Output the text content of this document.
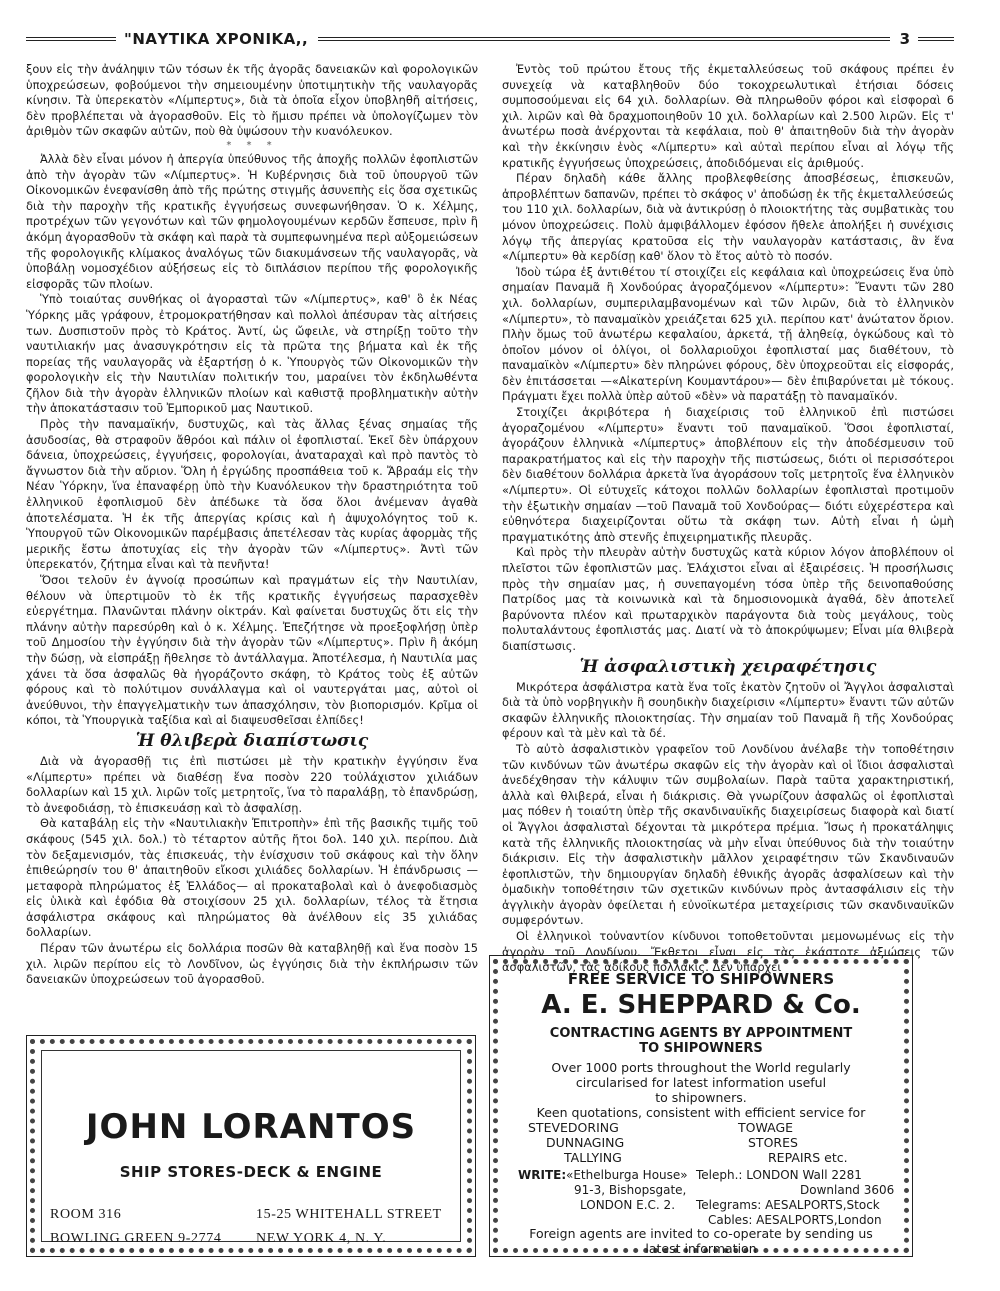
"ΝΑΥΤΙΚΑ ΧΡΟΝΙΚΑ,,	3

ξουν εἰς τὴν ἀνάληψιν τῶν τόσων ἐκ τῆς ἀγορᾶς δανειακῶν καὶ φορολογικῶν ὑποχρεώσεων, φοβούμενοι τὴν σημειουμένην ὑποτιμητικὴν τῆς ναυλαγορᾶς κίνησιν. Τὰ ὑπερεκατὸν «Λίμπερτυς», διὰ τὰ ὁποῖα εἶχον ὑποβληθῆ αἰτήσεις, δὲν προβλέπεται νὰ ἀγορασθοῦν. Εἰς τὸ ἥμισυ πρέπει νὰ ὑπολογίζωμεν τὸν ἀριθμὸν τῶν σκαφῶν αὐτῶν, ποὺ θὰ ὑψώσουν τὴν κυανόλευκον.

* * *

Ἀλλὰ δὲν εἶναι μόνον ἡ ἀπεργία ὑπεύθυνος τῆς ἀποχῆς πολλῶν ἐφοπλιστῶν ἀπὸ τὴν ἀγορὰν τῶν «Λίμπερτυς». Ἡ Κυβέρνησις διὰ τοῦ ὑπουργοῦ τῶν Οἰκονομικῶν ἐνεφανίσθη ἀπὸ τῆς πρώτης στιγμῆς ἀσυνεπὴς εἰς ὅσα σχετικῶς διὰ τὴν παροχὴν τῆς κρατικῆς ἐγγυήσεως συνεφωνήθησαν. Ὁ κ. Χέλμης, προτρέχων τῶν γεγονότων καὶ τῶν φημολογουμένων κερδῶν ἔσπευσε, πρὶν ἢ ἀκόμη ἀγορασθοῦν τὰ σκάφη καὶ παρὰ τὰ συμπεφωνημένα περὶ αὐξομειώσεων τῆς φορολογικῆς κλίμακος ἀναλόγως τῶν διακυμάνσεων τῆς ναυλαγορᾶς, νὰ ὑποβάλῃ νομοσχέδιον αὐξήσεως εἰς τὸ διπλάσιον περίπου τῆς φορολογικῆς εἰσφορᾶς τῶν πλοίων.

Ὑπὸ τοιαύτας συνθήκας οἱ ἀγορασταὶ τῶν «Λίμπερτυς», καθ' ὃ ἐκ Νέας Ὑόρκης μᾶς γράφουν, ἐτρομοκρατήθησαν καὶ πολλοὶ ἀπέσυραν τὰς αἰτήσεις των. Δυσπιστοῦν πρὸς τὸ Κράτος. Ἀντί, ὡς ὤφειλε, νὰ στηρίξῃ τοῦτο τὴν ναυτιλιακήν μας ἀνασυγκρότησιν εἰς τὰ πρῶτα της βήματα καὶ ἐκ τῆς πορείας τῆς ναυλαγορᾶς νὰ ἐξαρτήσῃ ὁ κ. Ὑπουργὸς τῶν Οἰκονομικῶν τὴν φορολογικὴν εἰς τὴν Ναυτιλίαν πολιτικήν του, μαραίνει τὸν ἐκδηλωθέντα ζῆλον διὰ τὴν ἀγορὰν ἑλληνικῶν πλοίων καὶ καθιστᾷ προβληματικὴν αὐτὴν τὴν ἀποκατάστασιν τοῦ Ἐμπορικοῦ μας Ναυτικοῦ.

Πρὸς τὴν παναμαϊκήν, δυστυχῶς, καὶ τὰς ἄλλας ξένας σημαίας τῆς ἀσυδοσίας, θὰ στραφοῦν ἄθρόοι καὶ πάλιν οἱ ἐφοπλισταί. Ἐκεῖ δὲν ὑπάρχουν δάνεια, ὑποχρεώσεις, ἐγγυήσεις, φορολογίαι, ἀναταραχαὶ καὶ πρὸ παντὸς τὸ ἄγνωστον διὰ τὴν αὔριον. Ὅλη ἡ ἐργώδης προσπάθεια τοῦ κ. Ἄβραάμ εἰς τὴν Νέαν Ὑόρκην, ἵνα ἐπαναφέρῃ ὑπὸ τὴν Κυανόλευκον τὴν δραστηριότητα τοῦ ἑλληνικοῦ ἐφοπλισμοῦ δὲν ἀπέδωκε τὰ ὅσα ὅλοι ἀνέμεναν ἀγαθὰ ἀποτελέσματα. Ἡ ἐκ τῆς ἀπεργίας κρίσις καὶ ἡ ἀψυχολόγητος τοῦ κ. Ὑπουργοῦ τῶν Οἰκονομικῶν παρέμβασις ἀπετέλεσαν τὰς κυρίας ἀφορμὰς τῆς μερικῆς ἔστω ἀποτυχίας εἰς τὴν ἀγορὰν τῶν «Λίμπερτυς». Ἀντὶ τῶν ὑπερεκατόν, ζήτημα εἶναι καὶ τὰ πενῆντα!

Ὅσοι τελοῦν ἐν ἀγνοίᾳ προσώπων καὶ πραγμάτων εἰς τὴν Ναυτιλίαν, θέλουν νὰ ὑπερτιμοῦν τὸ ἐκ τῆς κρατικῆς ἐγγυήσεως παρασχεθὲν εὐεργέτημα. Πλανῶνται πλάνην οἰκτράν. Καὶ φαίνεται δυστυχῶς ὅτι εἰς τὴν πλάνην αὐτὴν παρεσύρθη καὶ ὁ κ. Χέλμης. Ἐπεζήτησε νὰ προεξοφλήσῃ ὑπὲρ τοῦ Δημοσίου τὴν ἐγγύησιν διὰ τὴν ἀγορὰν τῶν «Λίμπερτυς». Πρὶν ἢ ἀκόμη τὴν δώσῃ, νὰ εἰσπράξῃ ἤθελησε τὸ ἀντάλλαγμα. Ἀποτέλεσμα, ἡ Ναυτιλία μας χάνει τὰ ὅσα ἀσφαλῶς θὰ ἠγοράζοντο σκάφη, τὸ Κράτος τοὺς ἐξ αὐτῶν φόρους καὶ τὸ πολύτιμον συνάλλαγμα καὶ οἱ ναυτεργάται μας, αὐτοὶ οἱ ἀνεύθυνοι, τὴν ἐπαγγελματικὴν των ἀπασχόλησιν, τὸν βιοπορισμόν. Κρῖμα οἱ κόποι, τὰ Ὑπουργικὰ ταξίδια καὶ αἱ διαψευσθεῖσαι ἐλπίδες!

Ἡ θλιβερὰ διαπίστωσις

Διὰ νὰ ἀγορασθῇ τις ἐπὶ πιστώσει μὲ τὴν κρατικὴν ἐγγύησιν ἕνα «Λίμπερτυ» πρέπει νὰ διαθέσῃ ἕνα ποσὸν 220 τοὐλάχιστον χιλιάδων δολλαρίων καὶ 15 χιλ. λιρῶν τοῖς μετρητοῖς, ἵνα τὸ παραλάβῃ, τὸ ἐπανδρώσῃ, τὸ ἀνεφοδιάσῃ, τὸ ἐπισκευάσῃ καὶ τὸ ἀσφαλίσῃ.

Θὰ καταβάλῃ εἰς τὴν «Ναυτιλιακὴν Ἐπιτροπὴν» ἐπὶ τῆς βασικῆς τιμῆς τοῦ σκάφους (545 χιλ. δολ.) τὸ τέταρτον αὐτῆς ἤτοι δολ. 140 χιλ. περίπου. Διὰ τὸν δεξαμενισμόν, τὰς ἐπισκευάς, τὴν ἐνίσχυσιν τοῦ σκάφους καὶ τὴν ὅλην ἐπιθεώρησίν του θ' ἀπαιτηθοῦν εἴκοσι χιλιάδες δολλαρίων. Ἡ ἐπάνδρωσις —μεταφορὰ πληρώματος ἐξ Ἑλλάδος— αἱ προκαταβολαὶ καὶ ὁ ἀνεφοδιασμὸς εἰς ὑλικὰ καὶ ἐφόδια θὰ στοιχίσουν 25 χιλ. δολλαρίων, τέλος τὰ ἔτησια ἀσφάλιστρα σκάφους καὶ πληρώματος θὰ ἀνέλθουν εἰς 35 χιλιάδας δολλαρίων.

Πέραν τῶν ἀνωτέρω εἰς δολλάρια ποσῶν θὰ καταβληθῇ καὶ ἕνα ποσὸν 15 χιλ. λιρῶν περίπου εἰς τὸ Λονδῖνον, ὡς ἐγγύησις διὰ τὴν ἐκπλήρωσιν τῶν δανειακῶν ὑποχρεώσεων τοῦ ἀγορασθοῦ.

Ἐντὸς τοῦ πρώτου ἔτους τῆς ἐκμεταλλεύσεως τοῦ σκάφους πρέπει ἐν συνεχείᾳ νὰ καταβληθοῦν δύο τοκοχρεωλυτικαὶ ἐτήσιαι δόσεις συμποσούμεναι εἰς 64 χιλ. δολλαρίων. Θὰ πληρωθοῦν φόροι καὶ εἰσφοραὶ 6 χιλ. λιρῶν καὶ θὰ δραχμοποιηθοῦν 10 χιλ. δολλαρίων καὶ 2.500 λιρῶν. Εἰς τ' ἀνωτέρω ποσὰ ἀνέρχονται τὰ κεφάλαια, ποὺ θ' ἀπαιτηθοῦν διὰ τὴν ἀγορὰν καὶ τὴν ἐκκίνησιν ἑνὸς «Λίμπερτυ» καὶ αὐταὶ περίπου εἶναι αἱ λόγῳ τῆς κρατικῆς ἐγγυήσεως ὑποχρεώσεις, ἀποδιδόμεναι εἰς ἀριθμούς.

Πέραν δηλαδὴ κάθε ἄλλης προβλεφθείσης ἀποσβέσεως, ἐπισκευῶν, ἀπροβλέπτων δαπανῶν, πρέπει τὸ σκάφος ν' ἀποδώσῃ ἐκ τῆς ἐκμεταλλεύσεώς του 110 χιλ. δολλαρίων, διὰ νὰ ἀντικρύσῃ ὁ πλοιοκτήτης τὰς συμβατικὰς του μόνον ὑποχρεώσεις. Πολὺ ἀμφιβάλλομεν ἐφόσον ἤθελε ἀπολήξει ἡ συνέχισις λόγῳ τῆς ἀπεργίας κρατοῦσα εἰς τὴν ναυλαγορὰν κατάστασις, ἂν ἕνα «Λίμπερτυ» θὰ κερδίσῃ καθ' ὅλον τὸ ἔτος αὐτὸ τὸ ποσόν.

Ἰδοὺ τώρα ἐξ ἀντιθέτου τί στοιχίζει εἰς κεφάλαια καὶ ὑποχρεώσεις ἕνα ὑπὸ σημαίαν Παναμᾶ ἢ Χονδούρας ἀγοραζόμενον «Λίμπερτυ»: Ἔναντι τῶν 280 χιλ. δολλαρίων, συμπεριλαμβανομένων καὶ τῶν λιρῶν, διὰ τὸ ἑλληνικὸν «Λίμπερτυ», τὸ παναμαϊκὸν χρειάζεται 625 χιλ. περίπου κατ' ἀνώτατον ὅριον. Πλὴν ὅμως τοῦ ἀνωτέρω κεφαλαίου, ἀρκετά, τῇ ἀληθείᾳ, ὀγκώδους καὶ τὸ ὁποῖον μόνον οἱ ὀλίγοι, οἱ δολλαριοῦχοι ἐφοπλισταί μας διαθέτουν, τὸ παναμαϊκὸν «Λίμπερτυ» δὲν πληρώνει φόρους, δὲν ὑποχρεοῦται εἰς εἰσφοράς, δὲν ἐπιτάσσεται —«Αἰκατερίνη Κουμαντάρου»— δὲν ἐπιβαρύνεται μὲ τόκους. Πράγματι ἔχει πολλὰ ὑπὲρ αὐτοῦ «δὲν» νὰ παρατάξῃ τὸ παναμαϊκόν.

Στοιχίζει ἀκριβότερα ἡ διαχείρισις τοῦ ἑλληνικοῦ ἐπὶ πιστώσει ἀγοραζομένου «Λίμπερτυ» ἔναντι τοῦ παναμαϊκοῦ. Ὅσοι ἐφοπλισταί, ἀγοράζουν ἑλληνικὰ «Λίμπερτυς» ἀποβλέπουν εἰς τὴν ἀποδέσμευσιν τοῦ παρακρατήματος καὶ εἰς τὴν παροχὴν τῆς πιστώσεως, διότι οἱ περισσότεροι δὲν διαθέτουν δολλάρια ἀρκετὰ ἵνα ἀγοράσουν τοῖς μετρητοῖς ἕνα ἑλληνικὸν «Λίμπερτυ». Οἱ εὐτυχεῖς κάτοχοι πολλῶν δολλαρίων ἐφοπλισταὶ προτιμοῦν τὴν ἐξωτικὴν σημαίαν —τοῦ Παναμᾶ τοῦ Χονδούρας— διότι εὐχερέστερα καὶ εὐθηνότερα διαχειρίζονται οὕτω τὰ σκάφη των. Αὐτὴ εἶναι ἡ ὠμὴ πραγματικότης ἀπὸ στενῆς ἐπιχειρηματικῆς πλευρᾶς.

Καὶ πρὸς τὴν πλευρὰν αὐτὴν δυστυχῶς κατὰ κύριον λόγον ἀποβλέπουν οἱ πλεῖστοι τῶν ἐφοπλιστῶν μας. Ἐλάχιστοι εἶναι αἱ ἐξαιρέσεις. Ἡ προσήλωσις πρὸς τὴν σημαίαν μας, ἡ συνεπαγομένη τόσα ὑπὲρ τῆς δεινοπαθούσης Πατρίδος μας τὰ κοινωνικὰ καὶ τὰ δημοσιονομικὰ ἀγαθά, δὲν ἀποτελεῖ βαρύνοντα πλέον καὶ πρωταρχικὸν παράγοντα διὰ τοὺς μεγάλους, τοὺς πολυταλάντους ἐφοπλιστάς μας. Διατί νὰ τὸ ἀποκρύψωμεν; Εἶναι μία θλιβερὰ διαπίστωσις.

Ἡ ἀσφαλιστικὴ χειραφέτησις

Μικρότερα ἀσφάλιστρα κατὰ ἕνα τοῖς ἑκατὸν ζητοῦν οἱ Ἄγγλοι ἀσφαλισταὶ διὰ τὰ ὑπὸ νορβηγικὴν ἢ σουηδικὴν διαχείρισιν «Λίμπερτυ» ἔναντι τῶν αὐτῶν σκαφῶν ἑλληνικῆς πλοιοκτησίας. Τὴν σημαίαν τοῦ Παναμᾶ ἢ τῆς Χονδούρας φέρουν καὶ τὰ μὲν καὶ τὰ δέ.

Τὸ αὐτὸ ἀσφαλιστικὸν γραφεῖον τοῦ Λονδίνου ἀνέλαβε τὴν τοποθέτησιν τῶν κινδύνων τῶν ἀνωτέρω σκαφῶν εἰς τὴν ἀγορὰν καὶ οἱ ἴδιοι ἀσφαλισταὶ ἀνεδέχθησαν τὴν κάλυψιν τῶν συμβολαίων. Παρὰ ταῦτα χαρακτηριστική, ἀλλὰ καὶ θλιβερά, εἶναι ἡ διάκρισις. Θὰ γνωρίζουν ἀσφαλῶς οἱ ἐφοπλισταὶ μας πόθεν ἡ τοιαύτη ὑπὲρ τῆς σκανδιναυϊκῆς διαχειρίσεως διαφορὰ καὶ διατί οἱ Ἄγγλοι ἀσφαλισταὶ δέχονται τὰ μικρότερα πρέμια. Ἴσως ἡ προκατάληψις κατὰ τῆς ἑλληνικῆς πλοιοκτησίας νὰ μὴν εἶναι ὑπεύθυνος διὰ τὴν τοιαύτην διάκρισιν. Εἰς τὴν ἀσφαλιστικὴν μᾶλλον χειραφέτησιν τῶν Σκανδιναυῶν ἐφοπλιστῶν, τὴν δημιουργίαν δηλαδὴ ἐθνικῆς ἀγορᾶς ἀσφαλίσεων καὶ τὴν ὁμαδικὴν τοποθέτησιν τῶν σχετικῶν κινδύνων πρὸς ἀντασφάλισιν εἰς τὴν ἀγγλικὴν ἀγορὰν ὀφείλεται ἡ εὐνοϊκωτέρα μεταχείρισις τῶν σκανδιναυϊκῶν συμφερόντων.

Οἱ ἑλληνικοὶ τοὐναντίον κίνδυνοι τοποθετοῦνται μεμονωμένως εἰς τὴν ἀγορὰν τοῦ Λονδίνου. Ἔκθετοι εἶναι εἰς τὰς ἑκάστοτε ἀξιώσεις τῶν ἀσφαλιστῶν, τὰς ἀδίκους πολλάκις. Δὲν ὑπάρχει

JOHN LORANTOS
SHIP STORES-DECK & ENGINE
ROOM 316
BOWLING GREEN 9-2774
15-25 WHITEHALL STREET
NEW YORK 4, N. Y.
FREE SERVICE TO SHIPOWNERS
A. E. SHEPPARD & Co.
CONTRACTING AGENTS BY APPOINTMENT
TO SHIPOWNERS
Over 1000 ports throughout the World regularly
circularised for latest information useful
to shipowners.
Keen quotations, consistent with efficient service for
STEVEDORING
DUNNAGING
TALLYING
TOWAGE
STORES
REPAIRS etc.
WRITE: «Ethelburga House»
91-3, Bishopsgate,
LONDON E.C. 2.
Teleph.: LONDON Wall 2281
Downland 3606
Telegrams: AESALPORTS,Stock
Cables: AESALPORTS,London
Foreign agents are invited to co-operate by sending us
latest information
